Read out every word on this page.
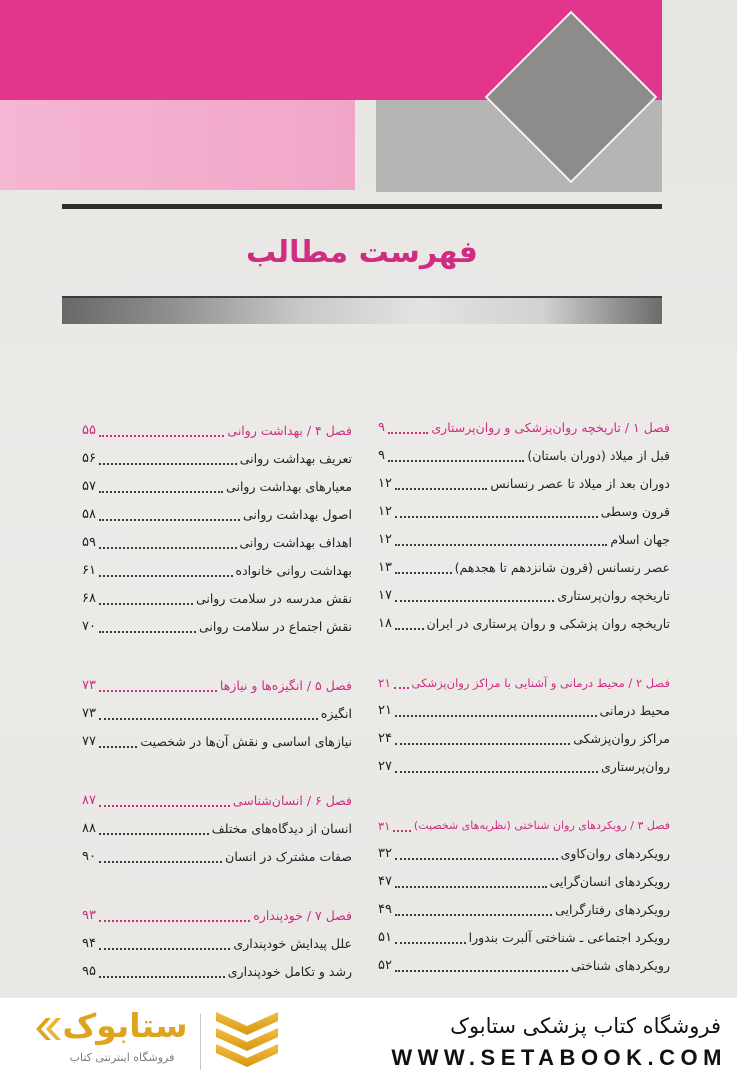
فهرست مطالب
فصل ۱ / تاریخچه روان‌پزشکی و روان‌پرستاری
۹
قبل از میلاد (دوران باستان)
۹
دوران بعد از میلاد تا عصر رنسانس
۱۲
قرون وسطی
۱۲
جهان اسلام
۱۲
عصر رنسانس (قرون شانزدهم تا هجدهم)
۱۳
تاریخچه روان‌پرستاری
۱۷
تاریخچه روان پزشکی و روان پرستاری در ایران
۱۸
فصل ۲ / محیط درمانی و آشنایی با مراکز روان‌پزشکی
۲۱
محیط درمانی
۲۱
مراکز روان‌پزشکی
۲۴
روان‌پرستاری
۲۷
فصل ۳ / رویکردهای روان شناختی (نظریه‌های شخصیت)
۳۱
رویکردهای روان‌کاوی
۳۲
رویکردهای انسان‌گرایی
۴۷
رویکردهای رفتارگرایی
۴۹
رویکرد اجتماعی ـ شناختی آلبرت بندورا
۵۱
رویکردهای شناختی
۵۲
فصل ۴ / بهداشت روانی
۵۵
تعریف بهداشت روانی
۵۶
معیارهای بهداشت روانی
۵۷
اصول بهداشت روانی
۵۸
اهداف بهداشت روانی
۵۹
بهداشت روانی خانواده
۶۱
نقش مدرسه در سلامت روانی
۶۸
نقش اجتماع در سلامت روانی
۷۰
فصل ۵ / انگیزه‌ها و نیازها
۷۳
انگیزه
۷۳
نیازهای اساسی و نقش آن‌ها در شخصیت
۷۷
فصل ۶ / انسان‌شناسی
۸۷
انسان از دیدگاه‌های مختلف
۸۸
صفات مشترک در انسان
۹۰
فصل ۷ / خودپنداره
۹۳
علل پیدایش خودپنداری
۹۴
رشد و تکامل خودپنداری
۹۵
ستابوک
فروشگاه اینترنتی کتاب
فروشگاه کتاب پزشکی ستابوک
WWW.SETABOOK.COM
